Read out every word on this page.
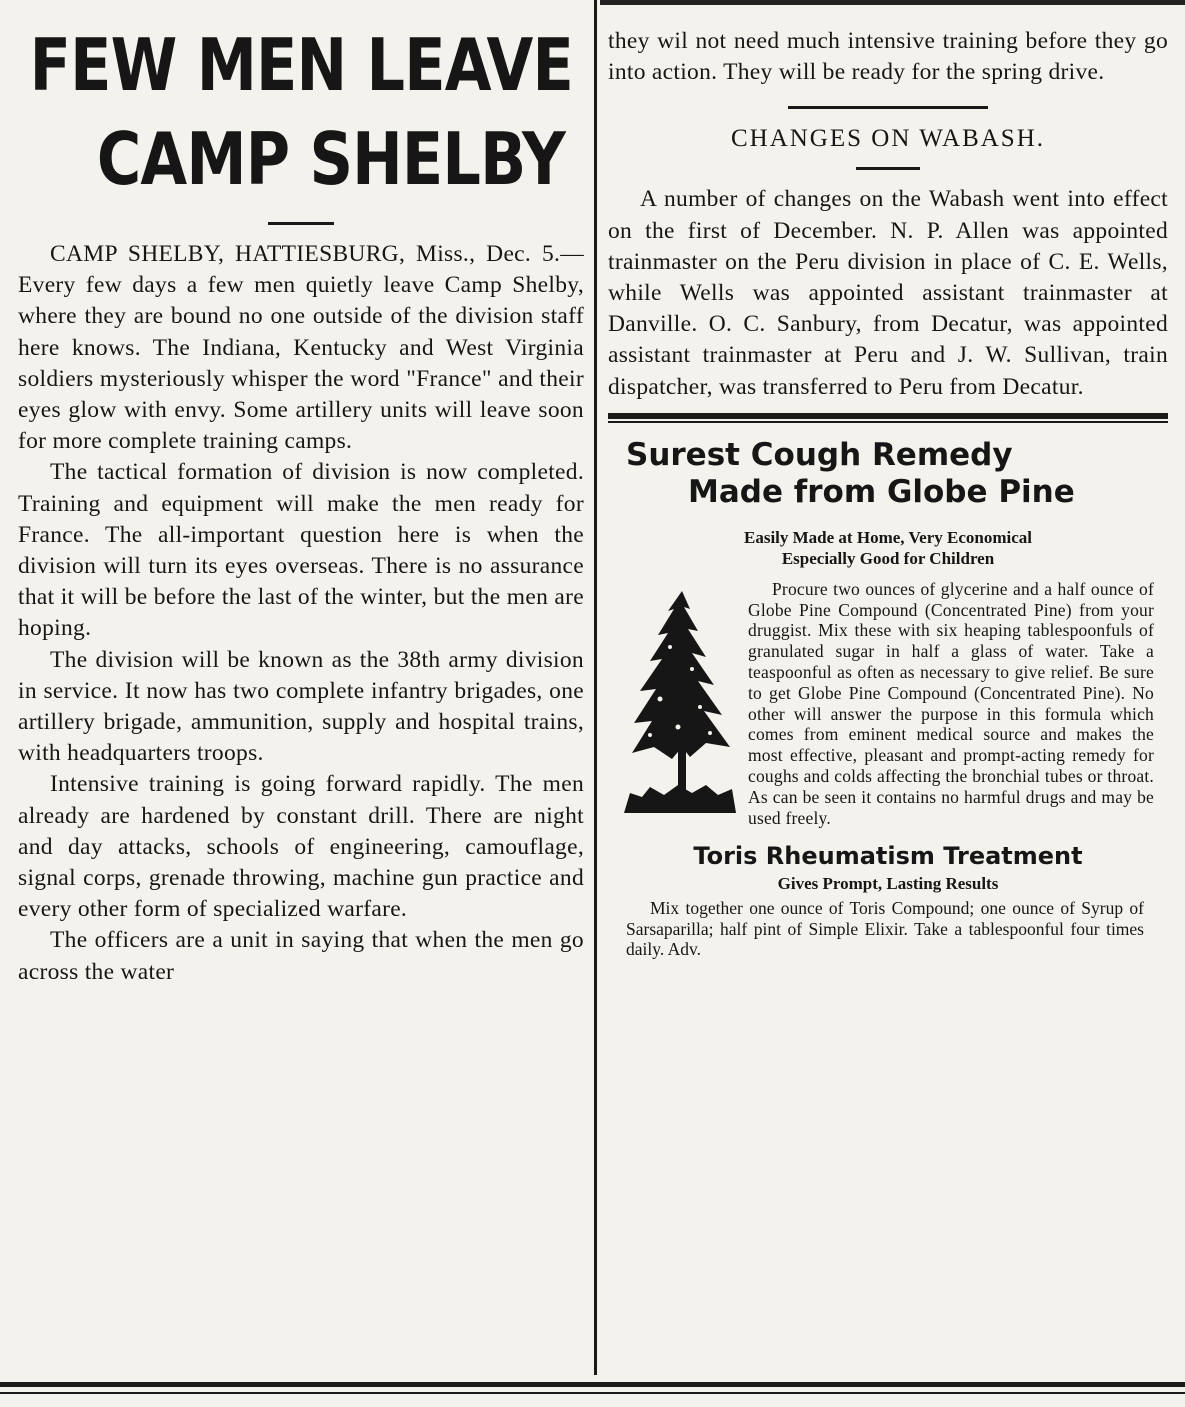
FEW MEN LEAVE
CAMP SHELBY

CAMP SHELBY, HATTIESBURG, Miss., Dec. 5.—Every few days a few men quietly leave Camp Shelby, where they are bound no one outside of the division staff here knows. The Indiana, Kentucky and West Virginia soldiers mysteriously whisper the word "France" and their eyes glow with envy. Some artillery units will leave soon for more complete training camps.

The tactical formation of division is now completed. Training and equipment will make the men ready for France. The all-important question here is when the division will turn its eyes overseas. There is no assurance that it will be before the last of the winter, but the men are hoping.

The division will be known as the 38th army division in service. It now has two complete infantry brigades, one artillery brigade, ammunition, supply and hospital trains, with headquarters troops.

Intensive training is going forward rapidly. The men already are hardened by constant drill. There are night and day attacks, schools of engineering, camouflage, signal corps, grenade throwing, machine gun practice and every other form of specialized warfare.

The officers are a unit in saying that when the men go across the water

they wil not need much intensive training before they go into action. They will be ready for the spring drive.

CHANGES ON WABASH.

A number of changes on the Wabash went into effect on the first of December. N. P. Allen was appointed trainmaster on the Peru division in place of C. E. Wells, while Wells was appointed assistant trainmaster at Danville. O. C. Sanbury, from Decatur, was appointed assistant trainmaster at Peru and J. W. Sullivan, train dispatcher, was transferred to Peru from Decatur.

Surest Cough Remedy
Made from Globe Pine
Easily Made at Home, Very Economical
Especially Good for Children

Procure two ounces of glycerine and a half ounce of Globe Pine Compound (Concentrated Pine) from your druggist. Mix these with six heaping tablespoonfuls of granulated sugar in half a glass of water. Take a teaspoonful as often as necessary to give relief. Be sure to get Globe Pine Compound (Concentrated Pine). No other will answer the purpose in this formula which comes from eminent medical source and makes the most effective, pleasant and prompt-acting remedy for coughs and colds affecting the bronchial tubes or throat. As can be seen it contains no harmful drugs and may be used freely.

Toris Rheumatism Treatment
Gives Prompt, Lasting Results

Mix together one ounce of Toris Compound; one ounce of Syrup of Sarsaparilla; half pint of Simple Elixir. Take a tablespoonful four times daily. Adv.
